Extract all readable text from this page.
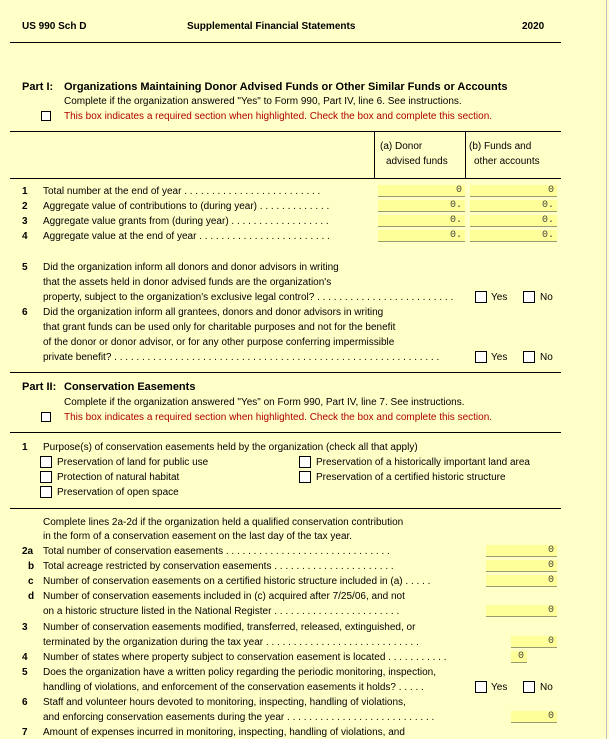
US 990 Sch D	Supplemental Financial Statements	2020
Part I: Organizations Maintaining Donor Advised Funds or Other Similar Funds or Accounts
Complete if the organization answered "Yes" to Form 990, Part IV, line 6. See instructions.
This box indicates a required section when highlighted. Check the box and complete this section.
(a) Donor
advised funds
(b) Funds and
other accounts
1 Total number at the end of year . . . . . . . . . . . . . . . . . . . . . . . . .	0	0
2 Aggregate value of contributions to (during year) . . . . . . . . . . . . .	0.	0.
3 Aggregate value grants from (during year) . . . . . . . . . . . . . . . . . .	0.	0.
4 Aggregate value at the end of year . . . . . . . . . . . . . . . . . . . . . . . .	0.	0.
5 Did the organization inform all donors and donor advisors in writing
that the assets held in donor advised funds are the organization's
property, subject to the organization's exclusive legal control? . . . . . . . . . . . . . . . . . . . . . . . . .	Yes	No
6 Did the organization inform all grantees, donors and donor advisors in writing
that grant funds can be used only for charitable purposes and not for the benefit
of the donor or donor advisor, or for any other purpose conferring impermissible
private benefit? . . . . . . . . . . . . . . . . . . . . . . . . . . . . . . . . . . . . . . . . . . . . . . . . . . . . . . . . . . .	Yes	No
Part II: Conservation Easements
Complete if the organization answered "Yes" on Form 990, Part IV, line 7. See instructions.
This box indicates a required section when highlighted. Check the box and complete this section.
1 Purpose(s) of conservation easements held by the organization (check all that apply)
Preservation of land for public use
Protection of natural habitat
Preservation of open space
Preservation of a historically important land area
Preservation of a certified historic structure
Complete lines 2a-2d if the organization held a qualified conservation contribution
in the form of a conservation easement on the last day of the tax year.
2a Total number of conservation easements . . . . . . . . . . . . . . . . . . . . . . . . . . . . . .	0
b Total acreage restricted by conservation easements . . . . . . . . . . . . . . . . . . . . . .	0
c Number of conservation easements on a certified historic structure included in (a) . . . . .	0
d Number of conservation easements included in (c) acquired after 7/25/06, and not
on a historic structure listed in the National Register . . . . . . . . . . . . . . . . . . . . . . .	0
3 Number of conservation easements modified, transferred, released, extinguished, or
terminated by the organization during the tax year . . . . . . . . . . . . . . . . . . . . . . . . . . . .	0
4 Number of states where property subject to conservation easement is located . . . . . . . . . . .	0
5 Does the organization have a written policy regarding the periodic monitoring, inspection,
handling of violations, and enforcement of the conservation easements it holds? . . . . .	Yes	No
6 Staff and volunteer hours devoted to monitoring, inspecting, handling of violations,
and enforcing conservation easements during the year . . . . . . . . . . . . . . . . . . . . . . . . . . .	0
7 Amount of expenses incurred in monitoring, inspecting, handling of violations, and
